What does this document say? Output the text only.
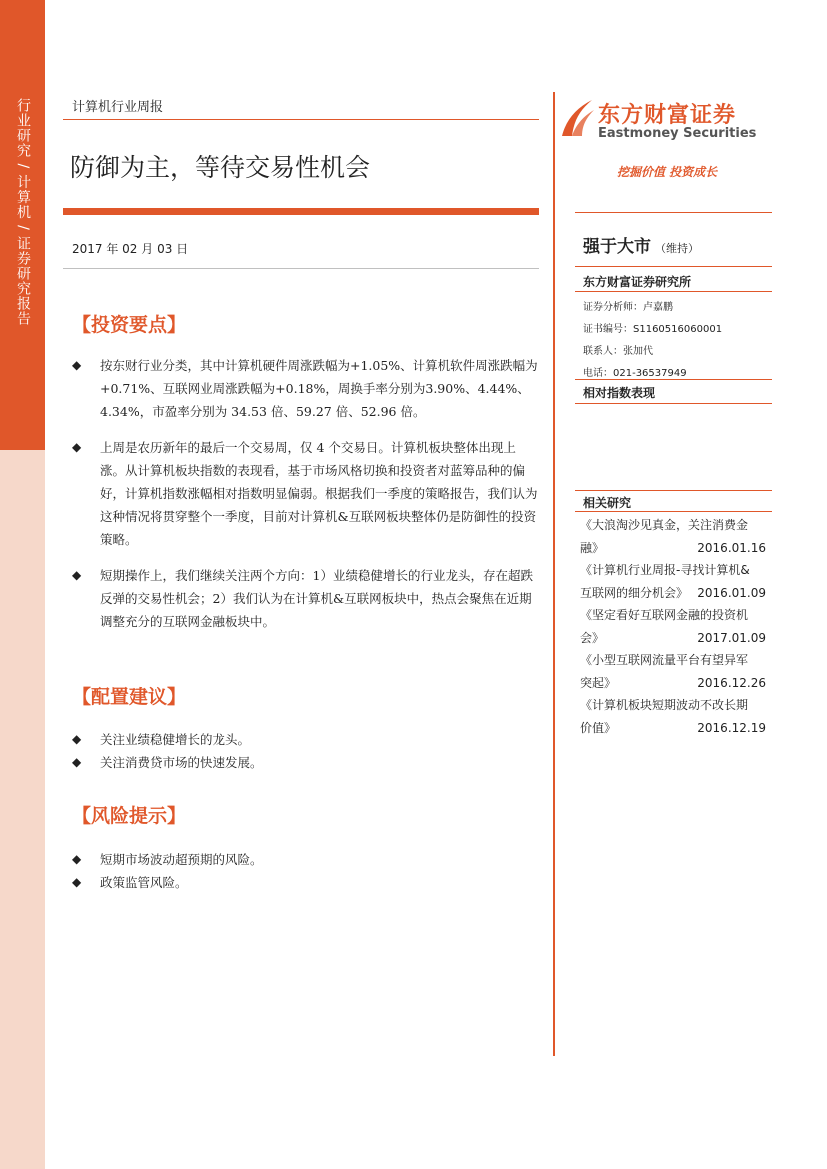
行业研究 / 计算机 / 证券研究报告	计算机行业周报
防御为主，等待交易性机会
2017 年 02 月 03 日
【投资要点】
◆	按东财行业分类，其中计算机硬件周涨跌幅为+1.05%、计算机软件周涨跌幅为+0.71%、互联网业周涨跌幅为+0.18%，周换手率分别为3.90%、4.44%、4.34%，市盈率分别为 34.53 倍、59.27 倍、52.96 倍。
◆	上周是农历新年的最后一个交易周，仅 4 个交易日。计算机板块整体出现上涨。从计算机板块指数的表现看，基于市场风格切换和投资者对蓝筹品种的偏好，计算机指数涨幅相对指数明显偏弱。根据我们一季度的策略报告，我们认为这种情况将贯穿整个一季度，目前对计算机&互联网板块整体仍是防御性的投资策略。
◆	短期操作上，我们继续关注两个方向：1）业绩稳健增长的行业龙头，存在超跌反弹的交易性机会；2）我们认为在计算机&互联网板块中，热点会聚焦在近期调整充分的互联网金融板块中。
【配置建议】
◆	关注业绩稳健增长的龙头。
◆	关注消费贷市场的快速发展。
【风险提示】
◆	短期市场波动超预期的风险。
◆	政策监管风险。
东方财富证券
Eastmoney Securities
挖掘价值 投资成长
强于大市 （维持）
东方财富证券研究所
证券分析师：卢嘉鹏
证书编号：S1160516060001
联系人：张加代
电话：021-36537949
相对指数表现
相关研究
《大浪淘沙见真金，关注消费金
融》	2016.01.16
《计算机行业周报-寻找计算机&
互联网的细分机会》 2016.01.09
《坚定看好互联网金融的投资机
会》	2017.01.09
《小型互联网流量平台有望异军
突起》	2016.12.26
《计算机板块短期波动不改长期
价值》	2016.12.19
